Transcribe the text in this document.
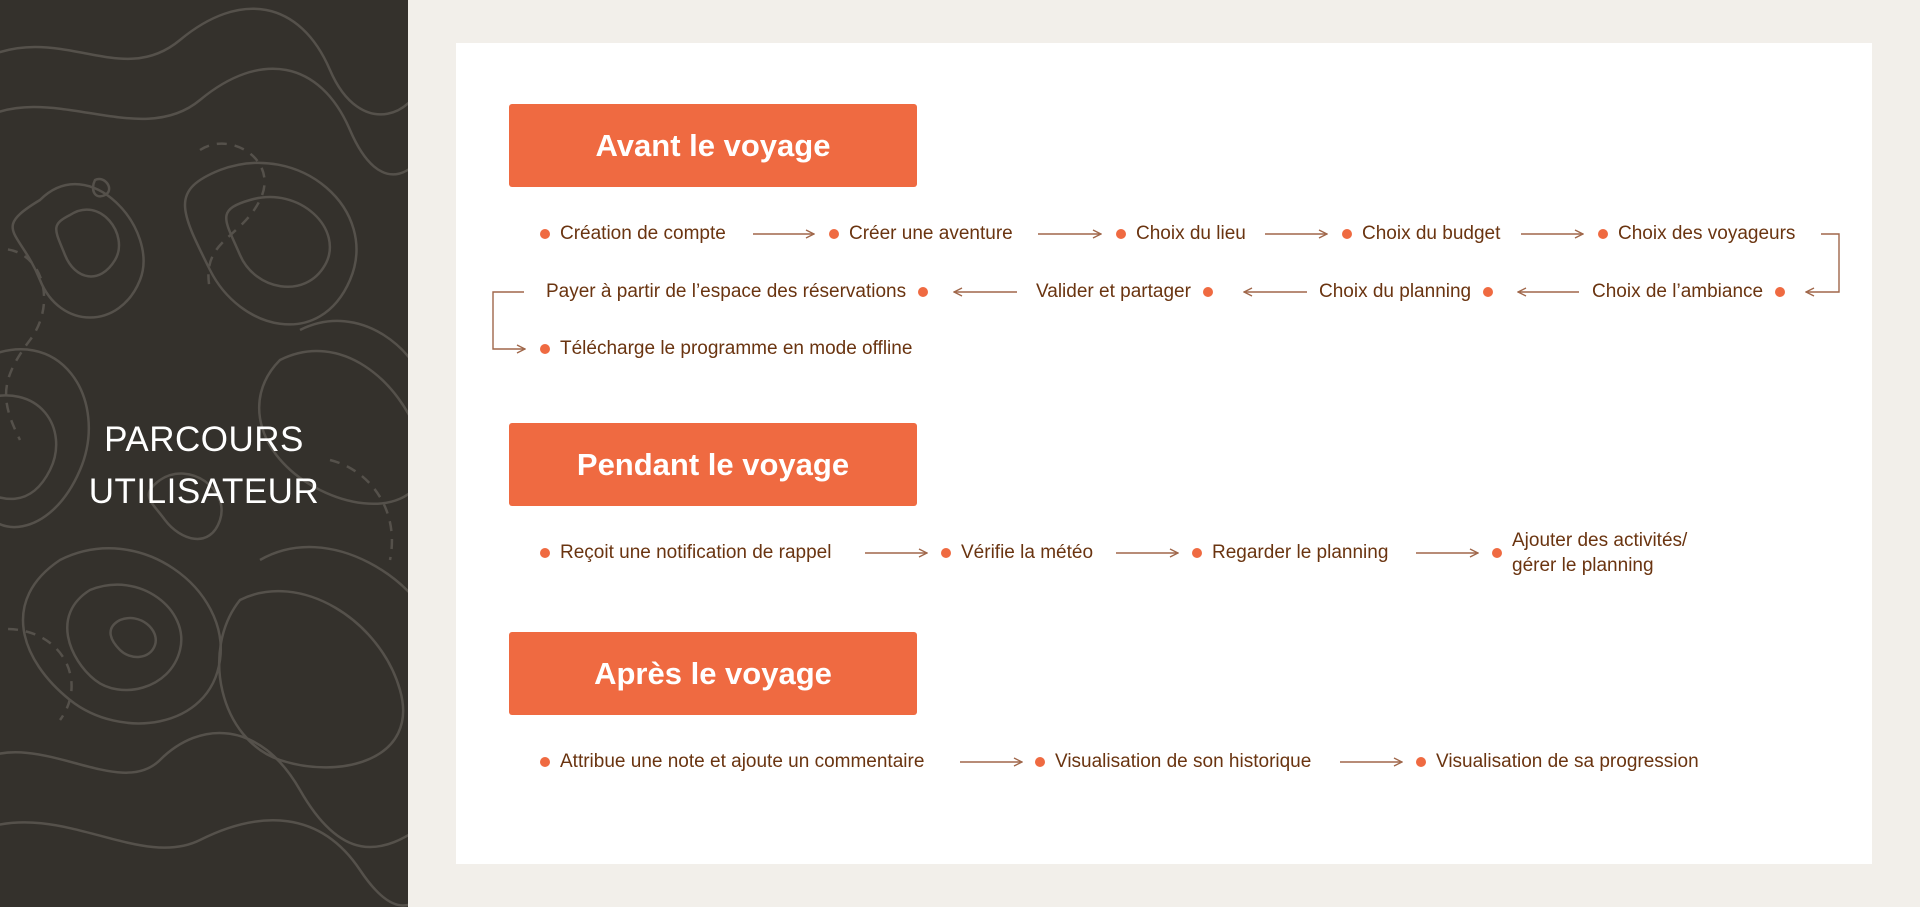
PARCOURS
UTILISATEUR
Avant le voyage
Création de compte	Créer une aventure	Choix du lieu	Choix du budget	Choix des voyageurs
Choix de l’ambiance
Choix du planning
Valider et partager
Payer à partir de l’espace des réservations
Télécharge le programme en mode offline
Pendant le voyage
Reçoit une notification de rappel	Vérifie la météo	Regarder le planning
Ajouter des activités/
gérer le planning
Après le voyage
Attribue une note et ajoute un commentaire	Visualisation de son historique	Visualisation de sa progression
